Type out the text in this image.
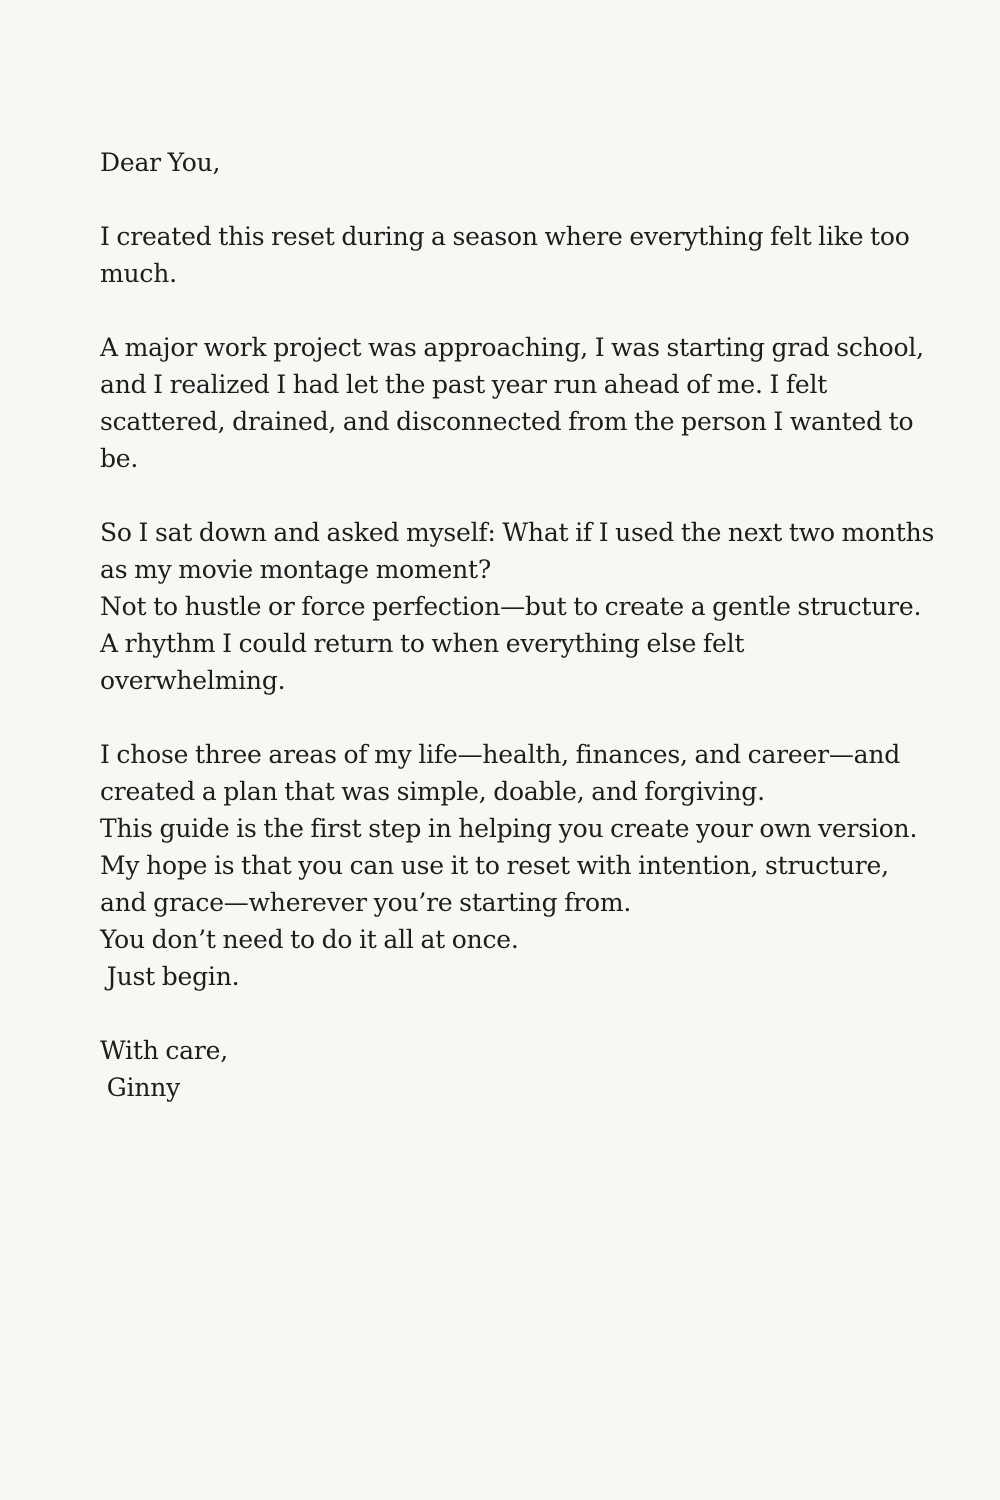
Dear You,
I created this reset during a season where everything felt like too
much.
A major work project was approaching, I was starting grad school,
and I realized I had let the past year run ahead of me. I felt
scattered, drained, and disconnected from the person I wanted to
be.
So I sat down and asked myself: What if I used the next two months
as my movie montage moment?
Not to hustle or force perfection—but to create a gentle structure.
A rhythm I could return to when everything else felt
overwhelming.
I chose three areas of my life—health, finances, and career—and
created a plan that was simple, doable, and forgiving.
This guide is the first step in helping you create your own version.
My hope is that you can use it to reset with intention, structure,
and grace—wherever you’re starting from.
You don’t need to do it all at once.
Just begin.
With care,
Ginny
